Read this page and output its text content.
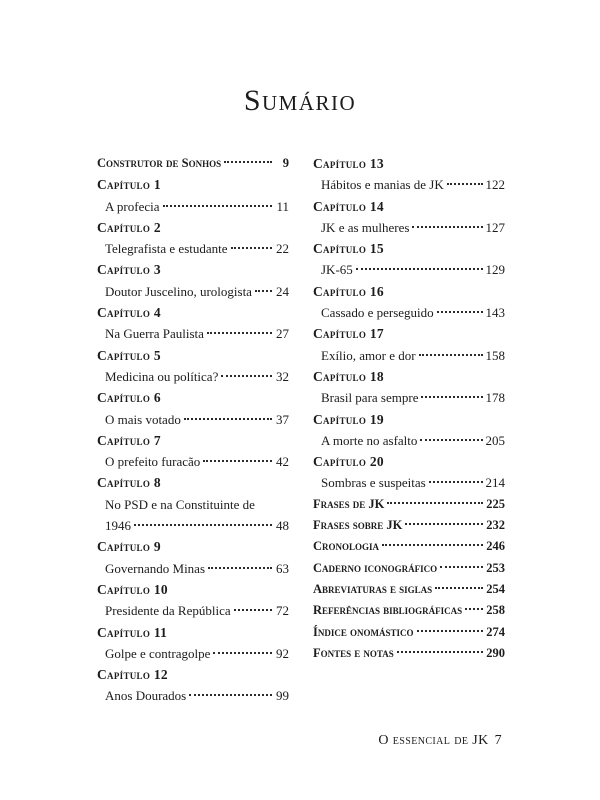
Sumário
Construtor de Sonhos	9
Capítulo 1
A profecia	11
Capítulo 2
Telegrafista e estudante	22
Capítulo 3
Doutor Juscelino, urologista 24
Capítulo 4
Na Guerra Paulista	27
Capítulo 5
Medicina ou política?	32
Capítulo 6
O mais votado	37
Capítulo 7
O prefeito furacão	42
Capítulo 8
No PSD e na Constituinte de
1946	48
Capítulo 9
Governando Minas	63
Capítulo 10
Presidente da República	72
Capítulo 11
Golpe e contragolpe	92
Capítulo 12
Anos Dourados	99
Capítulo 13
Hábitos e manias de JK	122
Capítulo 14
JK e as mulheres	127
Capítulo 15
JK-65	129
Capítulo 16
Cassado e perseguido	143
Capítulo 17
Exílio, amor e dor	158
Capítulo 18
Brasil para sempre	178
Capítulo 19
A morte no asfalto	205
Capítulo 20
Sombras e suspeitas	214
Frases de JK	225
Frases sobre JK	232
Cronologia	246
Caderno iconográfico	253
Abreviaturas e siglas	254
Referências bibliográficas 258
Índice onomástico	274
Fontes e notas	290
O essencial de JK 7
